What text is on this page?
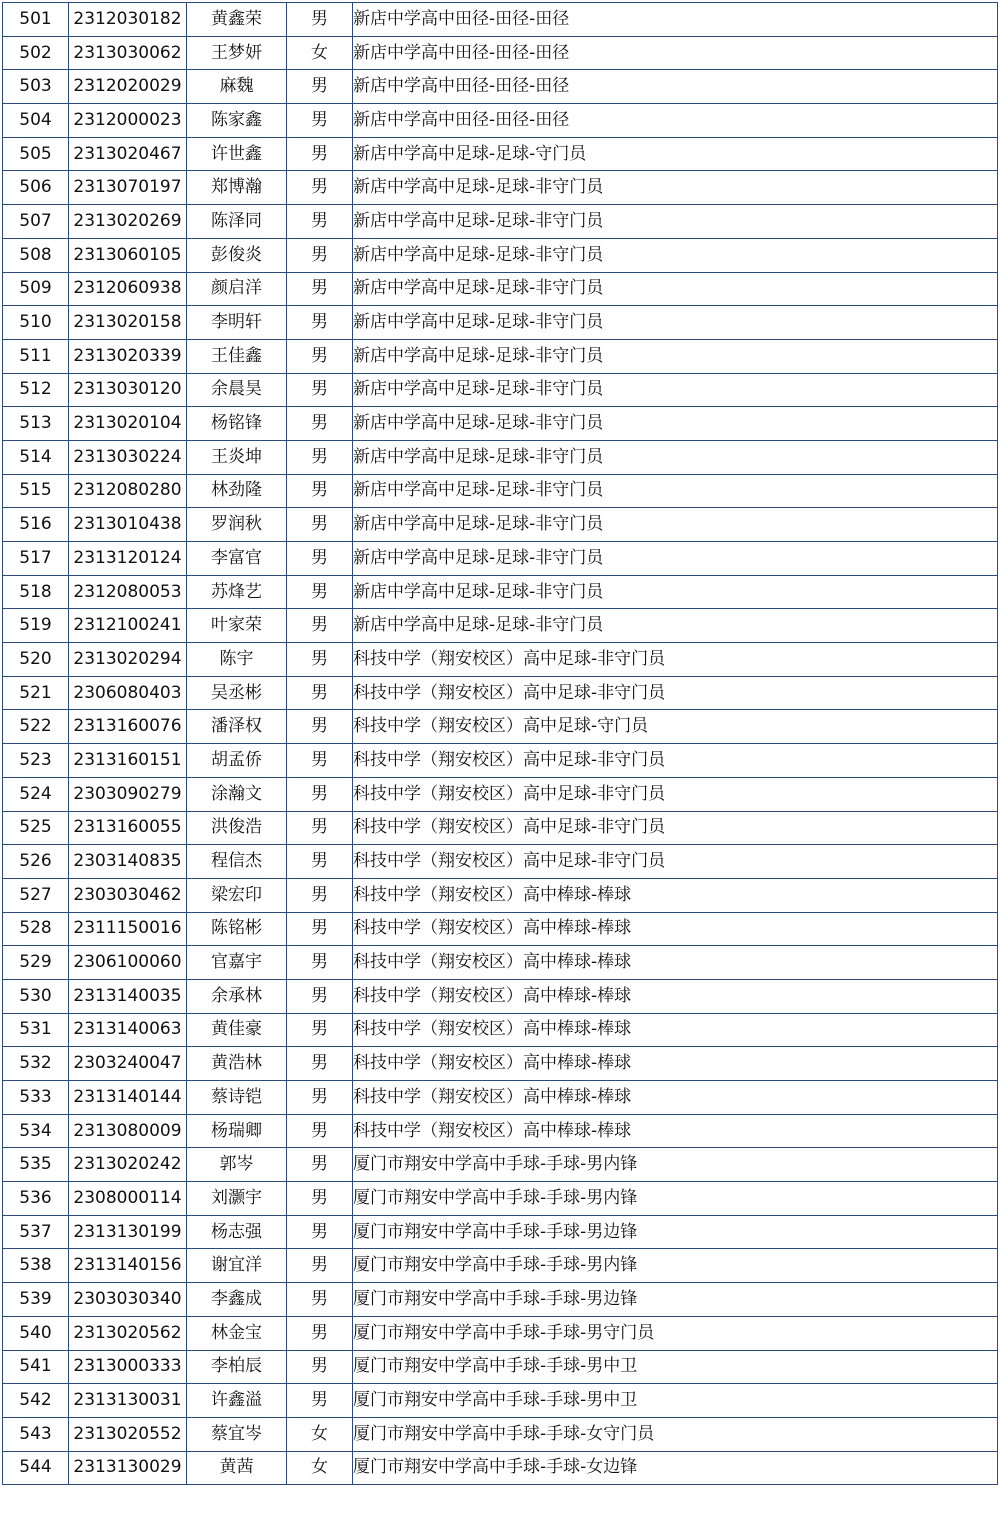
501	2312030182	黄鑫荣	男	新店中学高中田径-田径-田径
502	2313030062	王梦妍	女	新店中学高中田径-田径-田径
503	2312020029	麻魏	男	新店中学高中田径-田径-田径
504	2312000023	陈家鑫	男	新店中学高中田径-田径-田径
505	2313020467	许世鑫	男	新店中学高中足球-足球-守门员
506	2313070197	郑博瀚	男	新店中学高中足球-足球-非守门员
507	2313020269	陈泽同	男	新店中学高中足球-足球-非守门员
508	2313060105	彭俊炎	男	新店中学高中足球-足球-非守门员
509	2312060938	颜启洋	男	新店中学高中足球-足球-非守门员
510	2313020158	李明轩	男	新店中学高中足球-足球-非守门员
511	2313020339	王佳鑫	男	新店中学高中足球-足球-非守门员
512	2313030120	余晨昊	男	新店中学高中足球-足球-非守门员
513	2313020104	杨铭锋	男	新店中学高中足球-足球-非守门员
514	2313030224	王炎坤	男	新店中学高中足球-足球-非守门员
515	2312080280	林劲隆	男	新店中学高中足球-足球-非守门员
516	2313010438	罗润秋	男	新店中学高中足球-足球-非守门员
517	2313120124	李富官	男	新店中学高中足球-足球-非守门员
518	2312080053	苏烽艺	男	新店中学高中足球-足球-非守门员
519	2312100241	叶家荣	男	新店中学高中足球-足球-非守门员
520	2313020294	陈宇	男	科技中学（翔安校区）高中足球-非守门员
521	2306080403	吴丞彬	男	科技中学（翔安校区）高中足球-非守门员
522	2313160076	潘泽权	男	科技中学（翔安校区）高中足球-守门员
523	2313160151	胡孟侨	男	科技中学（翔安校区）高中足球-非守门员
524	2303090279	涂瀚文	男	科技中学（翔安校区）高中足球-非守门员
525	2313160055	洪俊浩	男	科技中学（翔安校区）高中足球-非守门员
526	2303140835	程信杰	男	科技中学（翔安校区）高中足球-非守门员
527	2303030462	梁宏印	男	科技中学（翔安校区）高中棒球-棒球
528	2311150016	陈铭彬	男	科技中学（翔安校区）高中棒球-棒球
529	2306100060	官嘉宇	男	科技中学（翔安校区）高中棒球-棒球
530	2313140035	余承林	男	科技中学（翔安校区）高中棒球-棒球
531	2313140063	黄佳豪	男	科技中学（翔安校区）高中棒球-棒球
532	2303240047	黄浩林	男	科技中学（翔安校区）高中棒球-棒球
533	2313140144	蔡诗铠	男	科技中学（翔安校区）高中棒球-棒球
534	2313080009	杨瑞卿	男	科技中学（翔安校区）高中棒球-棒球
535	2313020242	郭岑	男	厦门市翔安中学高中手球-手球-男内锋
536	2308000114	刘灏宇	男	厦门市翔安中学高中手球-手球-男内锋
537	2313130199	杨志强	男	厦门市翔安中学高中手球-手球-男边锋
538	2313140156	谢宜洋	男	厦门市翔安中学高中手球-手球-男内锋
539	2303030340	李鑫成	男	厦门市翔安中学高中手球-手球-男边锋
540	2313020562	林金宝	男	厦门市翔安中学高中手球-手球-男守门员
541	2313000333	李柏辰	男	厦门市翔安中学高中手球-手球-男中卫
542	2313130031	许鑫溢	男	厦门市翔安中学高中手球-手球-男中卫
543	2313020552	蔡宜岑	女	厦门市翔安中学高中手球-手球-女守门员
544	2313130029	黄茜	女	厦门市翔安中学高中手球-手球-女边锋
